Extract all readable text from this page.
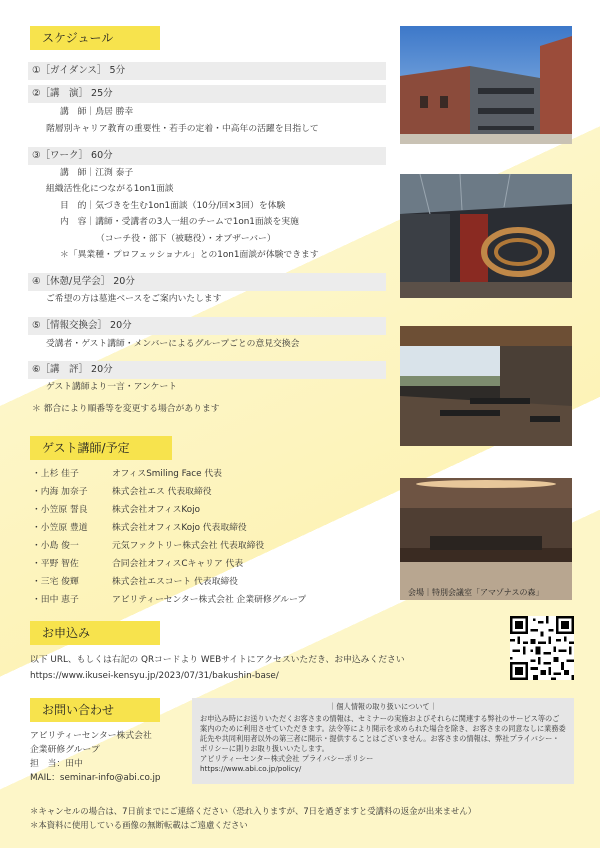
スケジュール
①［ガイダンス］ 5分
②［講　演］ 25分
講　師｜鳥居 勝幸
階層別キャリア教育の重要性・若手の定着・中高年の活躍を目指して
③［ワーク］ 60分
講　師｜江渕 泰子
組織活性化につながる1on1面談
目　的｜気づきを生む1on1面談（10分/回×3回）を体験
内　容｜講師・受講者の3人一組のチームで1on1面談を実施
（コーチ役・部下（被聴役）・オブザーバー）
＊「異業種・プロフェッショナル」との1on1面談が体験できます
④［休憩/見学会］ 20分
ご希望の方は墓進ベースをご案内いたします
⑤［情報交換会］ 20分
受講者・ゲスト講師・メンバーによるグループごとの意見交換会
⑥［講　評］ 20分
ゲスト講師より一言・アンケート
＊ 都合により順番等を変更する場合があります
ゲスト講師/予定
・上杉 佳子	オフィスSmiling Face 代表
・内海 加奈子	株式会社エス 代表取締役
・小笠原 誓良	株式会社オフィスKojo
・小笠原 豊道	株式会社オフィスKojo 代表取締役
・小島 俊一	元気ファクトリー株式会社 代表取締役
・平野 智佐	合同会社オフィスCキャリア 代表
・三宅 俊輝	株式会社エスコート 代表取締役
・田中 恵子	アビリティーセンター株式会社 企業研修グループ
会場｜特別会議室「アマゾナスの森」
お申込み
以下 URL、もしくは右記の QRコードより WEBサイトにアクセスいただき、お申込みください
https://www.ikusei-kensyu.jp/2023/07/31/bakushin-base/
お問い合わせ
アビリティーセンター株式会社
企業研修グループ
担　当：田中
MAIL：seminar-info@abi.co.jp
｜個人情報の取り扱いについて｜
お申込み時にお送りいただくお客さまの情報は、セミナーの実施およびそれらに関連する弊社のサービス等のご案内のために利用させていただきます。法令等により開示を求められた場合を除き、お客さまの同意なしに業務委託先や共同利用者以外の第三者に開示・提供することはございません。お客さまの情報は、弊社プライバシー・ポリシーに則りお取り扱いいたします。
アビリティーセンター株式会社 プライバシーポリシー
https://www.abi.co.jp/policy/
＊キャンセルの場合は、7日前までにご連絡ください（恐れ入りますが、7日を過ぎますと受講料の返金が出来ません）
＊本資料に使用している画像の無断転載はご遠慮ください
